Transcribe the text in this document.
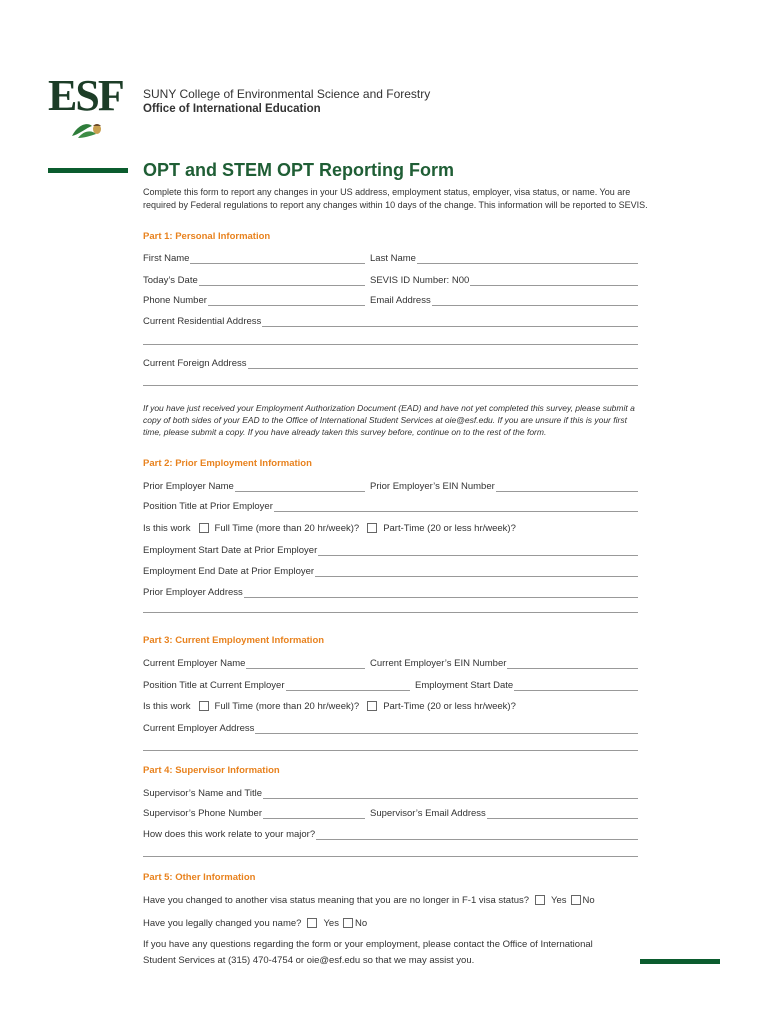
ESF SUNY College of Environmental Science and Forestry
Office of International Education
OPT and STEM OPT Reporting Form
Complete this form to report any changes in your US address, employment status, employer, visa status, or name. You are required by Federal regulations to report any changes within 10 days of the change. This information will be reported to SEVIS.
Part 1: Personal Information
First Name	Last Name
Today’s Date	SEVIS ID Number: N00
Phone Number	Email Address
Current Residential Address
Current Foreign Address
If you have just received your Employment Authorization Document (EAD) and have not yet completed this survey, please submit a copy of both sides of your EAD to the Office of International Student Services at oie@esf.edu. If you are unsure if this is your first time, please submit a copy. If you have already taken this survey before, continue on to the rest of the form.
Part 2: Prior Employment Information
Prior Employer Name	Prior Employer’s EIN Number
Position Title at Prior Employer
Is this work	Full Time (more than 20 hr/week)?	Part-Time (20 or less hr/week)?
Employment Start Date at Prior Employer
Employment End Date at Prior Employer
Prior Employer Address
Part 3: Current Employment Information
Current Employer Name	Current Employer’s EIN Number
Position Title at Current Employer	Employment Start Date
Is this work	Full Time (more than 20 hr/week)?	Part-Time (20 or less hr/week)?
Current Employer Address
Part 4: Supervisor Information
Supervisor’s Name and Title
Supervisor’s Phone Number	Supervisor’s Email Address
How does this work relate to your major?
Part 5: Other Information
Have you changed to another visa status meaning that you are no longer in F-1 visa status? Yes No
Have you legally changed you name? Yes No
If you have any questions regarding the form or your employment, please contact the Office of International Student Services at (315) 470-4754 or oie@esf.edu so that we may assist you.
